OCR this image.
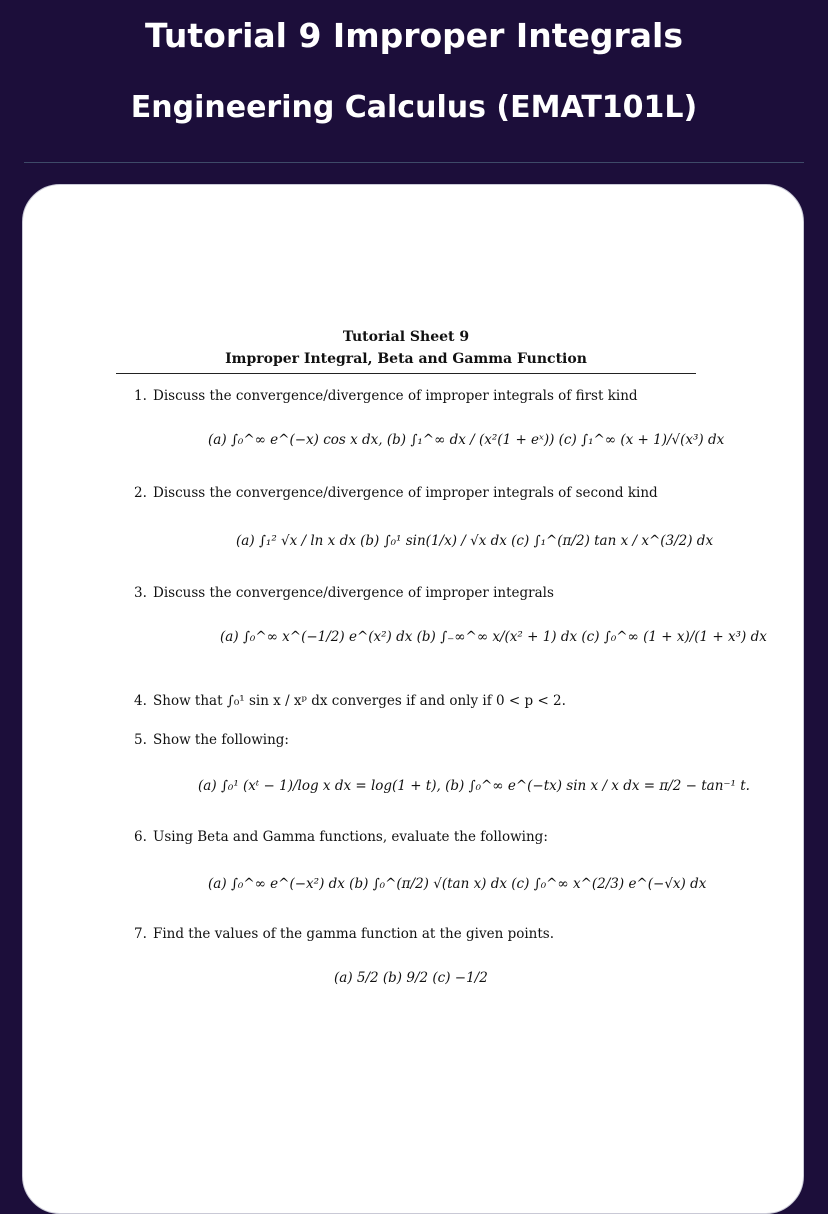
Tutorial 9 Improper Integrals
Engineering Calculus (EMAT101L)
Tutorial Sheet 9
Improper Integral, Beta and Gamma Function
1. Discuss the convergence/divergence of improper integrals of first kind
(a) ∫₀^∞ e^(−x) cos x dx, (b) ∫₁^∞ dx / (x²(1 + eˣ)) (c) ∫₁^∞ (x + 1)/√(x³) dx
2. Discuss the convergence/divergence of improper integrals of second kind
(a) ∫₁² √x / ln x dx (b) ∫₀¹ sin(1/x) / √x dx (c) ∫₁^(π/2) tan x / x^(3/2) dx
3. Discuss the convergence/divergence of improper integrals
(a) ∫₀^∞ x^(−1/2) e^(x²) dx (b) ∫₋∞^∞ x/(x² + 1) dx (c) ∫₀^∞ (1 + x)/(1 + x³) dx
4. Show that ∫₀¹ sin x / xᵖ dx converges if and only if 0 < p < 2.
5. Show the following:
(a) ∫₀¹ (xᵗ − 1)/log x dx = log(1 + t), (b) ∫₀^∞ e^(−tx) sin x / x dx = π/2 − tan⁻¹ t.
6. Using Beta and Gamma functions, evaluate the following:
(a) ∫₀^∞ e^(−x²) dx (b) ∫₀^(π/2) √(tan x) dx (c) ∫₀^∞ x^(2/3) e^(−√x) dx
7. Find the values of the gamma function at the given points.
(a) 5/2 (b) 9/2 (c) −1/2
